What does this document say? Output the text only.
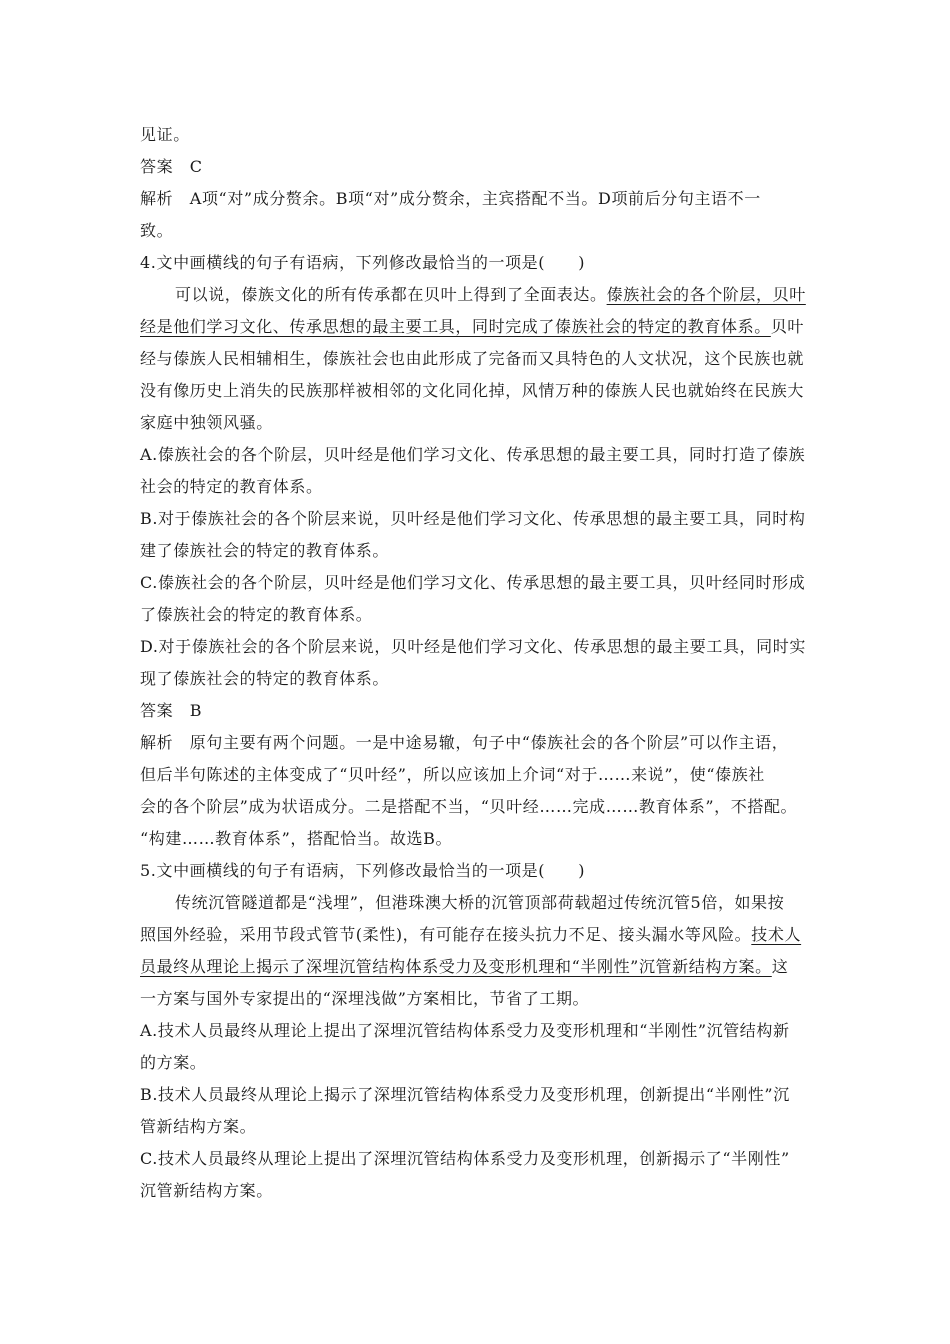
见证。
答案　C
解析　A项“对”成分赘余。B项“对”成分赘余，主宾搭配不当。D项前后分句主语不一
致。
4.文中画横线的句子有语病，下列修改最恰当的一项是(　　)
可以说，傣族文化的所有传承都在贝叶上得到了全面表达。傣族社会的各个阶层，贝叶
经是他们学习文化、传承思想的最主要工具，同时完成了傣族社会的特定的教育体系。贝叶
经与傣族人民相辅相生，傣族社会也由此形成了完备而又具特色的人文状况，这个民族也就
没有像历史上消失的民族那样被相邻的文化同化掉，风情万种的傣族人民也就始终在民族大
家庭中独领风骚。
A.傣族社会的各个阶层，贝叶经是他们学习文化、传承思想的最主要工具，同时打造了傣族
社会的特定的教育体系。
B.对于傣族社会的各个阶层来说，贝叶经是他们学习文化、传承思想的最主要工具，同时构
建了傣族社会的特定的教育体系。
C.傣族社会的各个阶层，贝叶经是他们学习文化、传承思想的最主要工具，贝叶经同时形成
了傣族社会的特定的教育体系。
D.对于傣族社会的各个阶层来说，贝叶经是他们学习文化、传承思想的最主要工具，同时实
现了傣族社会的特定的教育体系。
答案　B
解析　原句主要有两个问题。一是中途易辙，句子中“傣族社会的各个阶层”可以作主语，
但后半句陈述的主体变成了“贝叶经”，所以应该加上介词“对于……来说”，使“傣族社
会的各个阶层”成为状语成分。二是搭配不当，“贝叶经……完成……教育体系”，不搭配。
“构建……教育体系”，搭配恰当。故选B。
5.文中画横线的句子有语病，下列修改最恰当的一项是(　　)
传统沉管隧道都是“浅埋”，但港珠澳大桥的沉管顶部荷载超过传统沉管5倍，如果按
照国外经验，采用节段式管节(柔性)，有可能存在接头抗力不足、接头漏水等风险。技术人
员最终从理论上揭示了深埋沉管结构体系受力及变形机理和“半刚性”沉管新结构方案。这
一方案与国外专家提出的“深埋浅做”方案相比，节省了工期。
A.技术人员最终从理论上提出了深埋沉管结构体系受力及变形机理和“半刚性”沉管结构新
的方案。
B.技术人员最终从理论上揭示了深埋沉管结构体系受力及变形机理，创新提出“半刚性”沉
管新结构方案。
C.技术人员最终从理论上提出了深埋沉管结构体系受力及变形机理，创新揭示了“半刚性”
沉管新结构方案。
